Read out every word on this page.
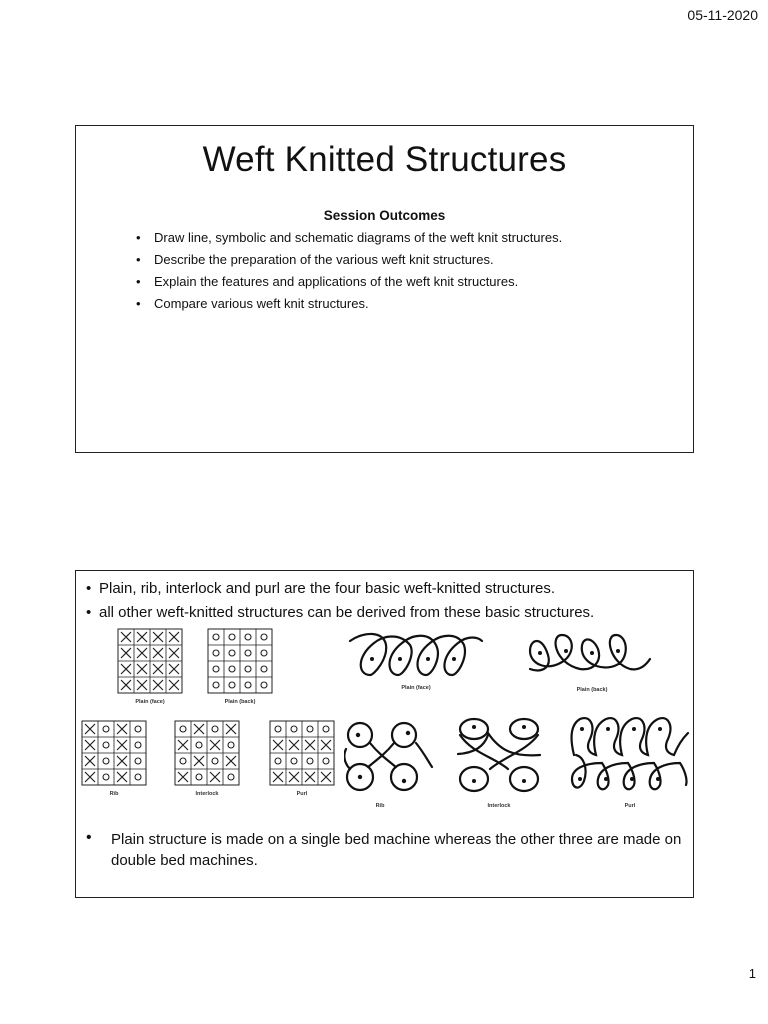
05-11-2020
Weft Knitted Structures
Session Outcomes
• Draw line, symbolic and schematic diagrams of the weft knit structures.
• Describe the preparation of the various weft knit structures.
• Explain the features and applications of the weft knit structures.
• Compare various weft knit structures.
• Plain, rib, interlock and purl are the four basic weft-knitted structures.
• all other weft-knitted structures can be derived from these basic structures.
Plain (face)	Plain (back)
Rib	Interlock	Purl
Plain (face)	Plain (back)
Rib	Interlock	Purl
•	Plain structure is made on a single bed machine whereas the other three are made on double bed machines.

1
